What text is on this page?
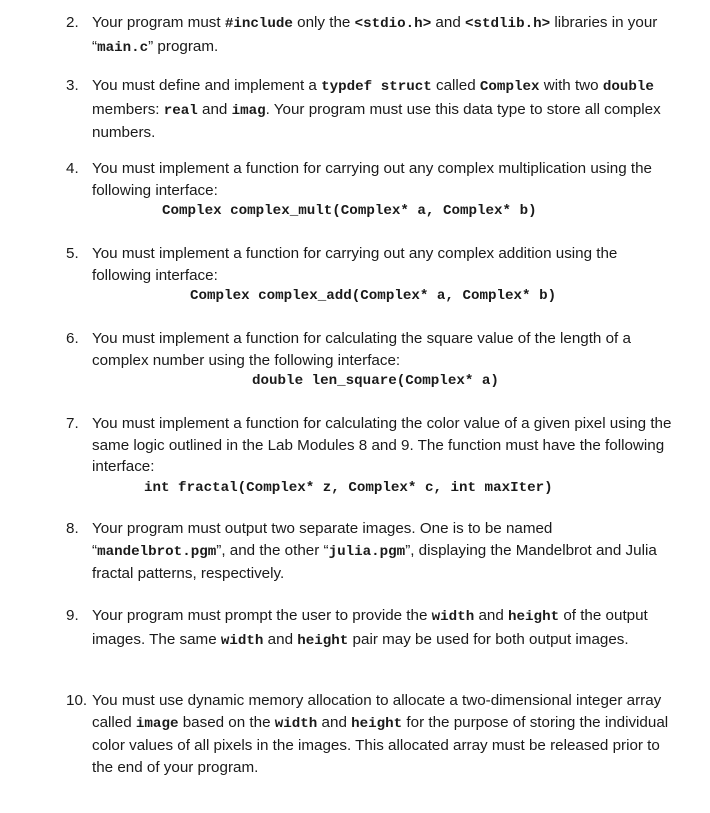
2. Your program must #include only the <stdio.h> and <stdlib.h> libraries in your “main.c” program.
3. You must define and implement a typdef struct called Complex with two double members: real and imag. Your program must use this data type to store all complex numbers.
4. You must implement a function for carrying out any complex multiplication using the following interface:
Complex complex_mult(Complex* a, Complex* b)
5. You must implement a function for carrying out any complex addition using the following interface:
Complex complex_add(Complex* a, Complex* b)
6. You must implement a function for calculating the square value of the length of a complex number using the following interface:
double len_square(Complex* a)
7. You must implement a function for calculating the color value of a given pixel using the same logic outlined in the Lab Modules 8 and 9. The function must have the following interface:
int fractal(Complex* z, Complex* c, int maxIter)
8. Your program must output two separate images. One is to be named “mandelbrot.pgm”, and the other “julia.pgm”, displaying the Mandelbrot and Julia fractal patterns, respectively.
9. Your program must prompt the user to provide the width and height of the output images. The same width and height pair may be used for both output images.
10. You must use dynamic memory allocation to allocate a two-dimensional integer array called image based on the width and height for the purpose of storing the individual color values of all pixels in the images. This allocated array must be released prior to the end of your program.
